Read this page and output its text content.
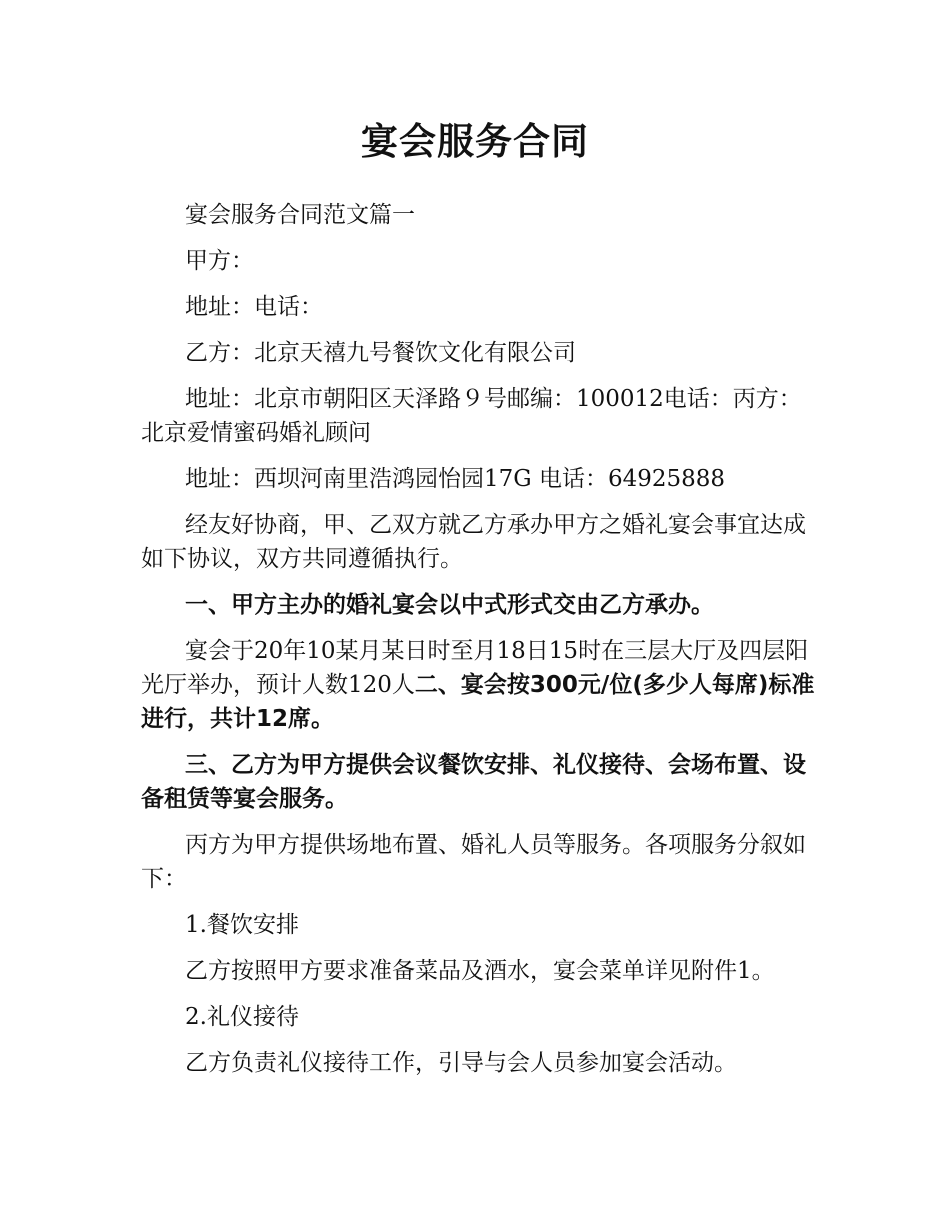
宴会服务合同

宴会服务合同范文篇一

甲方：

地址：电话：

乙方：北京天禧九号餐饮文化有限公司

地址：北京市朝阳区天泽路９号邮编：100012电话：丙方：北京爱情蜜码婚礼顾问

地址：西坝河南里浩鸿园怡园17G 电话：64925888

经友好协商，甲、乙双方就乙方承办甲方之婚礼宴会事宜达成如下协议，双方共同遵循执行。

一、甲方主办的婚礼宴会以中式形式交由乙方承办。

宴会于20年10某月某日时至月18日15时在三层大厅及四层阳光厅举办，预计人数120人二、宴会按300元/位(多少人每席)标准进行，共计12席。

三、乙方为甲方提供会议餐饮安排、礼仪接待、会场布置、设备租赁等宴会服务。

丙方为甲方提供场地布置、婚礼人员等服务。各项服务分叙如下：

1.餐饮安排

乙方按照甲方要求准备菜品及酒水，宴会菜单详见附件1。

2.礼仪接待

乙方负责礼仪接待工作，引导与会人员参加宴会活动。
